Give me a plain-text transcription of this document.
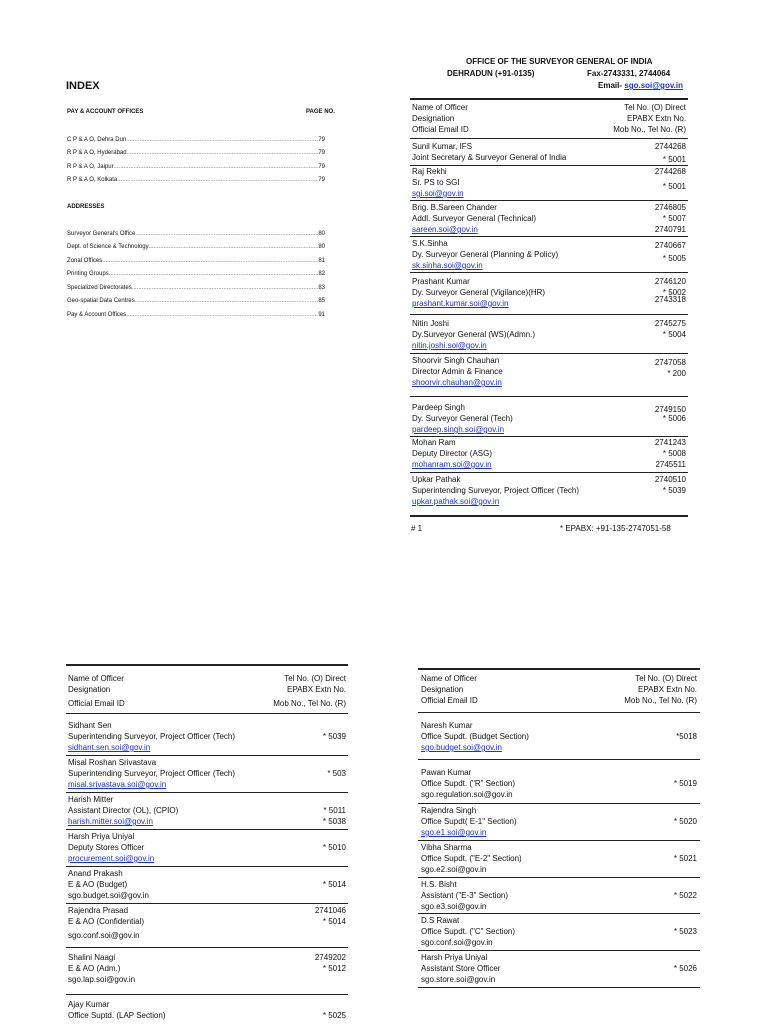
INDEX
PAY & ACCOUNT OFFICES	PAGE NO.
C P & A O, Dehra Dun .....	79
R P & A O, Hyderabad .....	79
R P & A O, Jaipur .....	79
R P & A O, Kolkata .....	79
ADDRESSES
Surveyor General's Office .....	80
Dept. of Science & Technology .....	80
Zonal Offices .....	81
Printing Groups .....	82
Specialized Directorates .....	83
Geo-spatial Data Centres .....	85
Pay & Account Offices .....	91
OFFICE OF THE SURVEYOR GENERAL OF INDIA
DEHRADUN (+91-0135)	Fax-2743331, 2744064
Email- sgo.soi@gov.in
Name of Officer	Tel No. (O) Direct
Designation	EPABX Extn No.
Official Email ID	Mob No., Tel No. (R)
Sunil Kumar, IFS	2744268
Joint Secretary & Surveyor General of India	* 5001
Raj Rekhi	2744268
Sr. PS to SGI	* 5001
sgi.soi@gov.in
Brig. B.Sareen Chander	2746805
Addl. Surveyor General (Technical)	* 5007
sareen.soi@gov.in	2740791
S.K.Sinha	2740667
Dy. Surveyor General (Planning & Policy)	* 5005
sk.sinha.soi@gov.in
Prashant Kumar	2746120
Dy. Surveyor General (Vigilance)(HR)	* 5002
prashant.kumar.soi@gov.in	2743318
Nitin Joshi	2745275
Dy.Surveyor General (WS)(Admn.)	* 5004
nitin.joshi.soi@gov.in
Shoorvir Singh Chauhan	2747058
Director Admin & Finance	* 200
shoorvir.chauhan@gov.in
Pardeep Singh	2749150
Dy. Surveyor General (Tech)	* 5006
pardeep.singh.soi@gov.in
Mohan Ram	2741243
Deputy Director (ASG)	* 5008
mohanram.soi@gov.in	2745511
Upkar Pathak	2740510
Superintending Surveyor, Project Officer (Tech)	* 5039
upkar.pathak.soi@gov.in
# 1	* EPABX: +91-135-2747051-58
Name of Officer	Tel No. (O) Direct
Designation	EPABX Extn No.
Official Email ID	Mob No., Tel No. (R)
Sidhant Sen
Superintending Surveyor, Project Officer (Tech)	* 5039
sidhant.sen.soi@gov.in
Misal Roshan Srivastava
Superintending Surveyor, Project Officer (Tech)	* 503
misal.srivastava.soi@gov.in
Harish Mitter
Assistant Director (OL), (CPIO)	* 5011
harish.mitter.soi@gov.in	* 5038
Harsh Priya Uniyal
Deputy Stores Officer	* 5010
procurement.soi@gov.in
Anand Prakash
E & AO (Budget)	* 5014
sgo.budget.soi@gov.in
Rajendra Prasad	2741046
E & AO (Confidential)	* 5014
sgo.conf.soi@gov.in
Shalini Naagi	2749202
E & AO (Adm.)	* 5012
sgo.lap.soi@gov.in
Ajay Kumar
Office Suptd. (LAP Section)	* 5025
Name of Officer	Tel No. (O) Direct
Designation	EPABX Extn No.
Official Email ID	Mob No., Tel No. (R)
Naresh Kumar
Office Supdt. (Budget Section)	*5018
sgo.budget.soi@gov.in
Pawan Kumar
Office Supdt. ("R" Section)	* 5019
sgo.regulation.soi@gov.in
Rajendra Singh
Office Supdt( E-1" Section)	* 5020
sgo.e1.soi@gov.in
Vibha Sharma
Office Supdt. ("E-2" Section)	* 5021
sgo.e2.soi@gov.in
H.S. Bisht
Assistant ("E-3" Section)	* 5022
sgo.e3.soi@gov.in
D.S Rawat
Office Supdt. ("C" Section)	* 5023
sgo.conf.soi@gov.in
Harsh Priya Uniyal
Assistant Store Officer	* 5026
sgo.store.soi@gov.in
